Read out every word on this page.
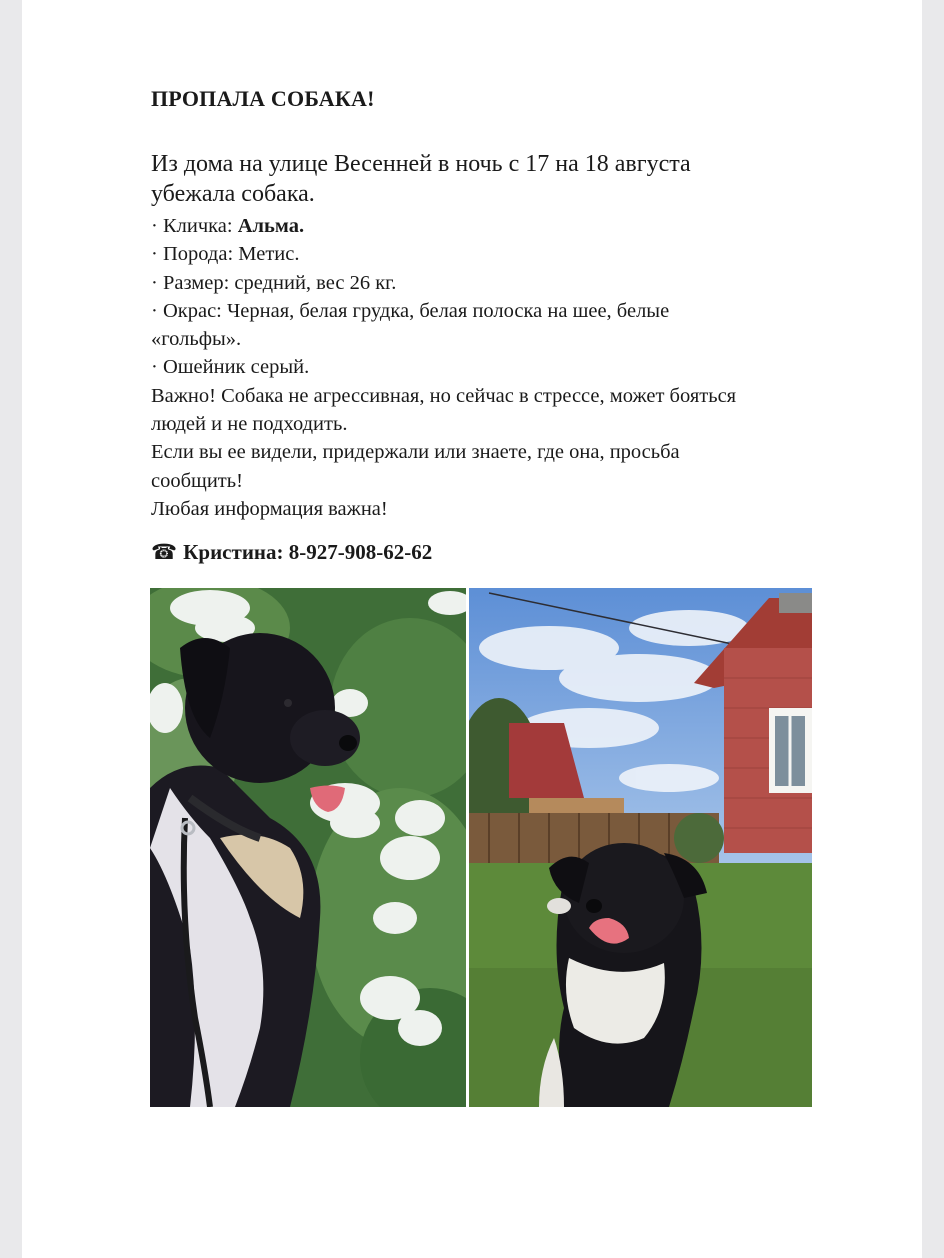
ПРОПАЛА СОБАКА!
Из дома на улице Весенней в ночь с 17 на 18 августа
убежала собака.
· Кличка: Альма.
· Порода: Метис.
· Размер: средний, вес 26 кг.
· Окрас: Черная, белая грудка, белая полоска на шее, белые
«гольфы».
· Ошейник серый.
Важно! Собака не агрессивная, но сейчас в стрессе, может бояться
людей и не подходить.
Если вы ее видели, придержали или знаете, где она, просьба
сообщить!
Любая информация важна!
☎ Кристина: 8-927-908-62-62
